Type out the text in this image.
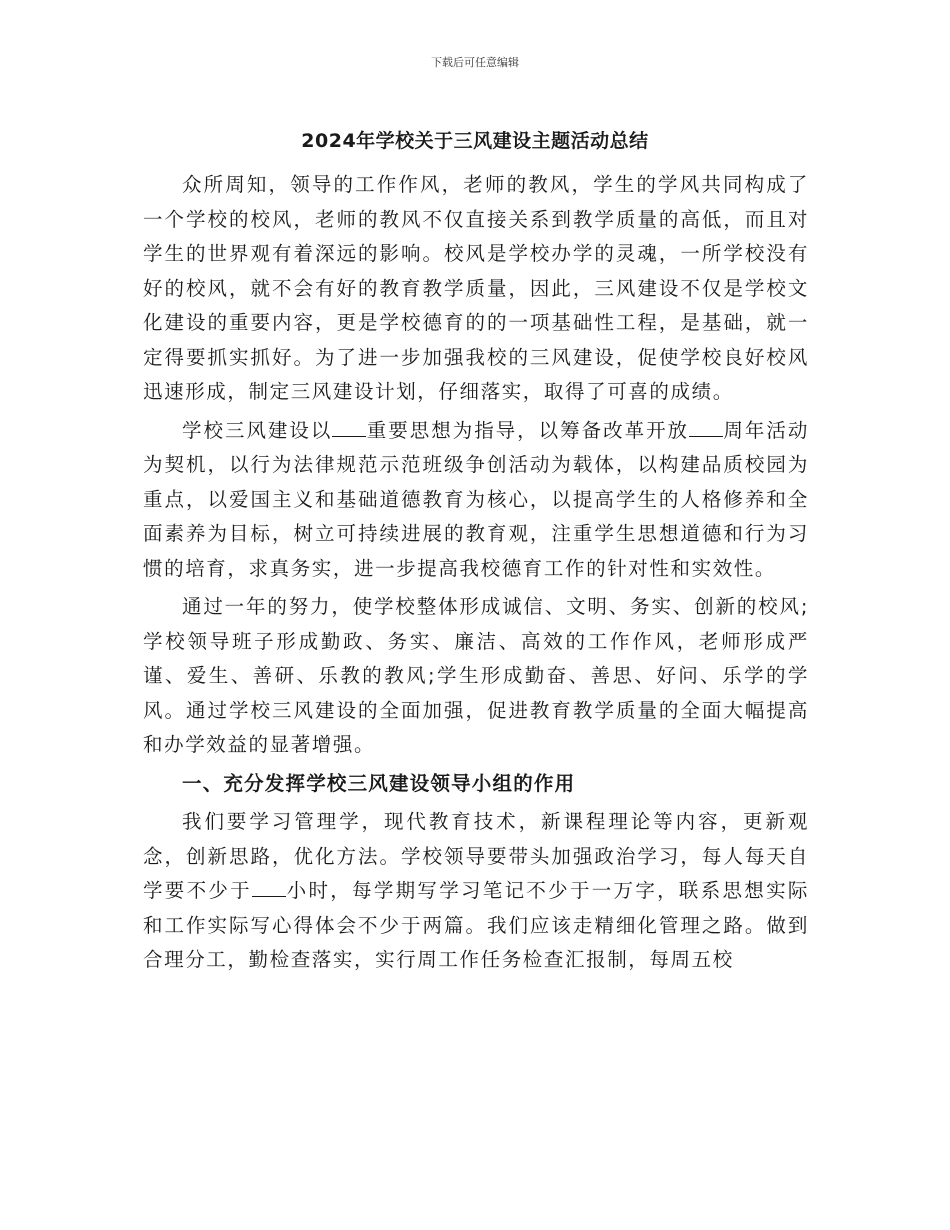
下载后可任意编辑
2024年学校关于三风建设主题活动总结

众所周知，领导的工作作风，老师的教风，学生的学风共同构成了一个学校的校风，老师的教风不仅直接关系到教学质量的高低，而且对学生的世界观有着深远的影响。校风是学校办学的灵魂，一所学校没有好的校风，就不会有好的教育教学质量，因此，三风建设不仅是学校文化建设的重要内容，更是学校德育的的一项基础性工程，是基础，就一定得要抓实抓好。为了进一步加强我校的三风建设，促使学校良好校风迅速形成，制定三风建设计划，仔细落实，取得了可喜的成绩。

学校三风建设以 重要思想为指导，以筹备改革开放 周年活动为契机，以行为法律规范示范班级争创活动为载体，以构建品质校园为重点，以爱国主义和基础道德教育为核心，以提高学生的人格修养和全面素养为目标，树立可持续进展的教育观，注重学生思想道德和行为习惯的培育，求真务实，进一步提高我校德育工作的针对性和实效性。

通过一年的努力，使学校整体形成诚信、文明、务实、创新的校风;学校领导班子形成勤政、务实、廉洁、高效的工作作风，老师形成严谨、爱生、善研、乐教的教风;学生形成勤奋、善思、好问、乐学的学风。通过学校三风建设的全面加强，促进教育教学质量的全面大幅提高和办学效益的显著增强。

一、充分发挥学校三风建设领导小组的作用

我们要学习管理学，现代教育技术，新课程理论等内容，更新观念，创新思路，优化方法。学校领导要带头加强政治学习，每人每天自学要不少于 小时，每学期写学习笔记不少于一万字，联系思想实际和工作实际写心得体会不少于两篇。我们应该走精细化管理之路。做到合理分工，勤检查落实，实行周工作任务检查汇报制，每周五校
